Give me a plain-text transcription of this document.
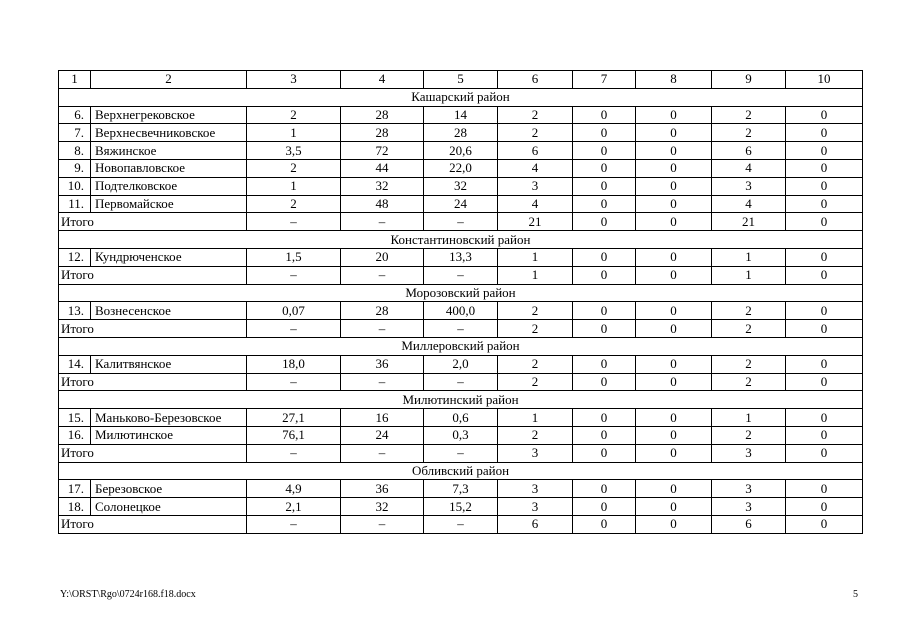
1	2	3	4	5	6	7	8	9	10
Кашарский район									
6.	Верхнегрековское	2	28	14	2	0	0	2	0
7.	Верхнесвечниковское	1	28	28	2	0	0	2	0
8.	Вяжинское	3,5	72	20,6	6	0	0	6	0
9.	Новопавловское	2	44	22,0	4	0	0	4	0
10.	Подтелковское	1	32	32	3	0	0	3	0
11.	Первомайское	2	48	24	4	0	0	4	0
Итого		–	–	–	21	0	0	21	0
Константиновский район									
12.	Кундрюченское	1,5	20	13,3	1	0	0	1	0
Итого		–	–	–	1	0	0	1	0
Морозовский район									
13.	Вознесенское	0,07	28	400,0	2	0	0	2	0
Итого		–	–	–	2	0	0	2	0
Миллеровский район									
14.	Калитвянское	18,0	36	2,0	2	0	0	2	0
Итого		–	–	–	2	0	0	2	0
Милютинский район									
15.	Маньково-Березовское	27,1	16	0,6	1	0	0	1	0
16.	Милютинское	76,1	24	0,3	2	0	0	2	0
Итого		–	–	–	3	0	0	3	0
Обливский район									
17.	Березовское	4,9	36	7,3	3	0	0	3	0
18.	Солонецкое	2,1	32	15,2	3	0	0	3	0
Итого		–	–	–	6	0	0	6	0
Y:\ORST\Rgo\0724r168.f18.docx	5
